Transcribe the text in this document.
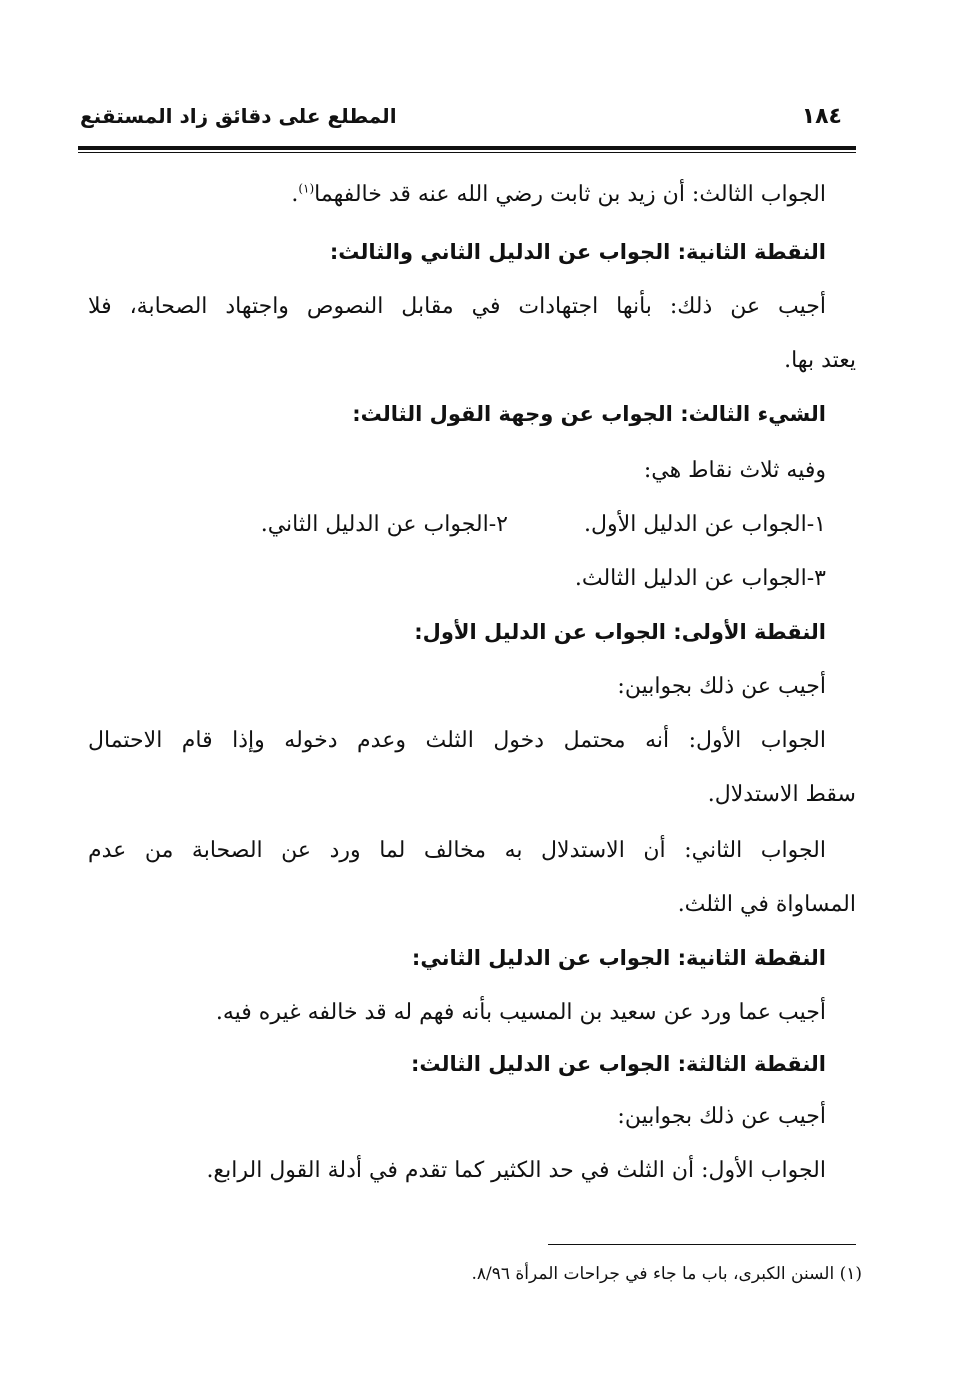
١٨٤
المطلع على دقائق زاد المستقنع
الجواب الثالث: أن زيد بن ثابت رضي الله عنه قد خالفهما$^{(١)}$.
النقطة الثانية: الجواب عن الدليل الثاني والثالث:
أجيب عن ذلك: بأنها اجتهادات في مقابل النصوص واجتهاد الصحابة، فلا
يعتد بها.
الشيء الثالث: الجواب عن وجهة القول الثالث:
وفيه ثلاث نقاط هي:
١-الجواب عن الدليل الأول.
٢-الجواب عن الدليل الثاني.
٣-الجواب عن الدليل الثالث.
النقطة الأولى: الجواب عن الدليل الأول:
أجيب عن ذلك بجوابين:
الجواب الأول: أنه محتمل دخول الثلث وعدم دخوله وإذا قام الاحتمال
سقط الاستدلال.
الجواب الثاني: أن الاستدلال به مخالف لما ورد عن الصحابة من عدم
المساواة في الثلث.
النقطة الثانية: الجواب عن الدليل الثاني:
أجيب عما ورد عن سعيد بن المسيب بأنه فهم له قد خالفه غيره فيه.
النقطة الثالثة: الجواب عن الدليل الثالث:
أجيب عن ذلك بجوابين:
الجواب الأول: أن الثلث في حد الكثير كما تقدم في أدلة القول الرابع.
(١) السنن الكبرى، باب ما جاء في جراحات المرأة ٨/٩٦.
